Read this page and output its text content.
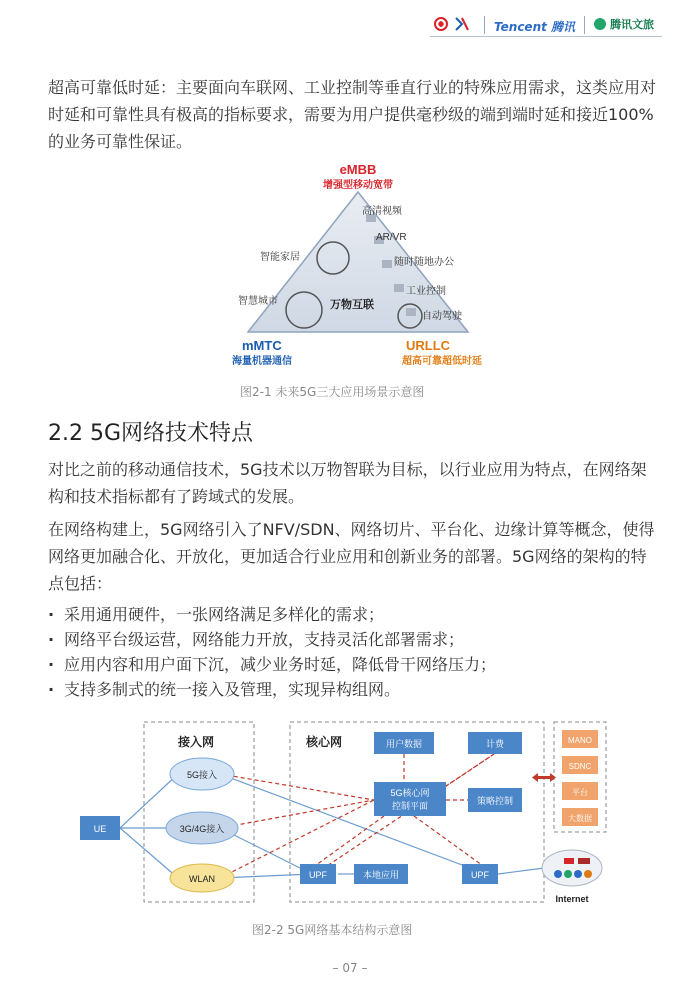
Tencent 腾讯	腾讯文旅

超高可靠低时延：主要面向车联网、工业控制等垂直行业的特殊应用需求，这类应用对时延和可靠性具有极高的指标要求，需要为用户提供毫秒级的端到端时延和接近100%的业务可靠性保证。

eMBB
增强型移动宽带
万物互联
高清视频
AR/VR
随时随地办公
工业控制
自动驾驶
智能家居
智慧城市
mMTC
海量机器通信
URLLC
超高可靠超低时延
图2-1 未来5G三大应用场景示意图
2.2 5G网络技术特点

对比之前的移动通信技术，5G技术以万物智联为目标，以行业应用为特点，在网络架构和技术指标都有了跨域式的发展。

在网络构建上，5G网络引入了NFV/SDN、网络切片、平台化、边缘计算等概念，使得网络更加融合化、开放化，更加适合行业应用和创新业务的部署。5G网络的架构的特点包括：

· 采用通用硬件，一张网络满足多样化的需求；
· 网络平台级运营，网络能力开放，支持灵活化部署需求；
· 应用内容和用户面下沉，减少业务时延，降低骨干网络压力；
· 支持多制式的统一接入及管理，实现异构组网。
接入网	核心网
UE
5G接入
3G/4G接入
WLAN
用户数据	计费
5G核心网
控制平面	策略控制
UPF	本地应用	UPF
MANO
SDNC
平台
大数据
Internet
图2-2 5G网络基本结构示意图
– 07 –
